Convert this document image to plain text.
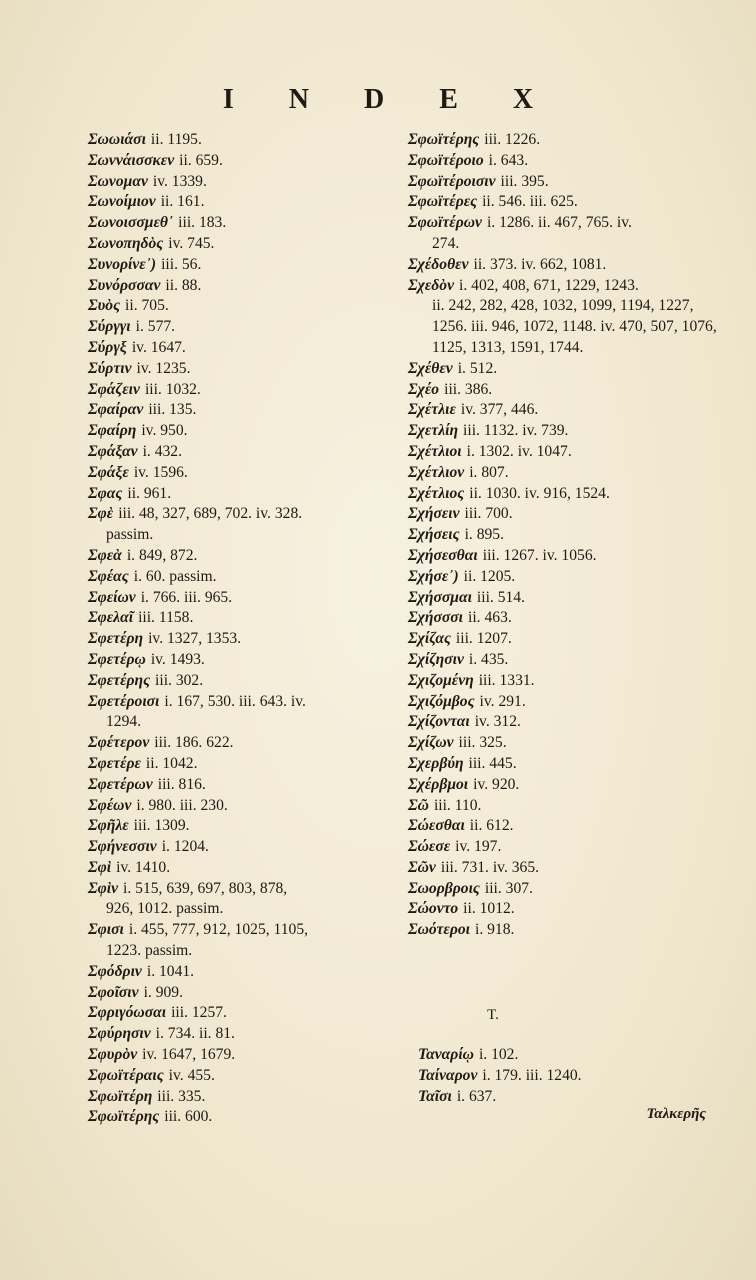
I N D E X
Σωωιάσι ii. 1195.
Σωννάισσκεν ii. 659.
Σωνομαν iv. 1339.
Σωνοίμιον ii. 161.
Σωνοισσμεθ᾽ iii. 183.
Σωνοπηδὸς iv. 745.
Συνορίνε᾽) iii. 56.
Συνόρσσαν ii. 88.
Συὸς ii. 705.
Σύργγι i. 577.
Σύργξ iv. 1647.
Σύρτιν iv. 1235.
Σφάζειν iii. 1032.
Σφαίραν iii. 135.
Σφαίρη iv. 950.
Σφάξαν i. 432.
Σφάξε iv. 1596.
Σφας ii. 961.
Σφὲ iii. 48, 327, 689, 702. iv. 328.
passim.
Σφεὰ i. 849, 872.
Σφέας i. 60. passim.
Σφείων i. 766. iii. 965.
Σφελαῖ iii. 1158.
Σφετέρη iv. 1327, 1353.
Σφετέρῳ iv. 1493.
Σφετέρης iii. 302.
Σφετέροισι i. 167, 530. iii. 643. iv.
1294.
Σφέτερον iii. 186. 622.
Σφετέρε ii. 1042.
Σφετέρων iii. 816.
Σφέων i. 980. iii. 230.
Σφῆλε iii. 1309.
Σφήνεσσιν i. 1204.
Σφὶ iv. 1410.
Σφὶν i. 515, 639, 697, 803, 878,
926, 1012. passim.
Σφισι i. 455, 777, 912, 1025, 1105,
1223. passim.
Σφόδριν i. 1041.
Σφοῖσιν i. 909.
Σφριγόωσαι iii. 1257.
Σφύρησιν i. 734. ii. 81.
Σφυρὸν iv. 1647, 1679.
Σφωϊτέραις iv. 455.
Σφωϊτέρη iii. 335.
Σφωϊτέρης iii. 600.
Σφωϊτέρης iii. 1226.
Σφωϊτέροιο i. 643.
Σφωϊτέροισιν iii. 395.
Σφωϊτέρες ii. 546. iii. 625.
Σφωϊτέρων i. 1286. ii. 467, 765. iv.
274.
Σχέδοθεν ii. 373. iv. 662, 1081.
Σχεδὸν i. 402, 408, 671, 1229, 1243.
ii. 242, 282, 428, 1032, 1099, 1194, 1227, 1256. iii. 946, 1072, 1148. iv. 470, 507, 1076, 1125, 1313, 1591, 1744.
Σχέθεν i. 512.
Σχέο iii. 386.
Σχέτλιε iv. 377, 446.
Σχετλίη iii. 1132. iv. 739.
Σχέτλιοι i. 1302. iv. 1047.
Σχέτλιον i. 807.
Σχέτλιος ii. 1030. iv. 916, 1524.
Σχήσειν iii. 700.
Σχήσεις i. 895.
Σχήσεσθαι iii. 1267. iv. 1056.
Σχήσε᾽) ii. 1205.
Σχήσσμαι iii. 514.
Σχήσσσι ii. 463.
Σχίζας iii. 1207.
Σχίζησιν i. 435.
Σχιζομένη iii. 1331.
Σχιζόμβος iv. 291.
Σχίζονται iv. 312.
Σχίζων iii. 325.
Σχερβύη iii. 445.
Σχέρβμοι iv. 920.
Σῶ iii. 110.
Σώεσθαι ii. 612.
Σώεσε iv. 197.
Σῶν iii. 731. iv. 365.
Σωορβροις iii. 307.
Σώοντο ii. 1012.
Σωότεροι i. 918.
T.
Ταναρίῳ i. 102.
Ταίναρον i. 179. iii. 1240.
Ταῖσι i. 637.
Ταλκερῆς
